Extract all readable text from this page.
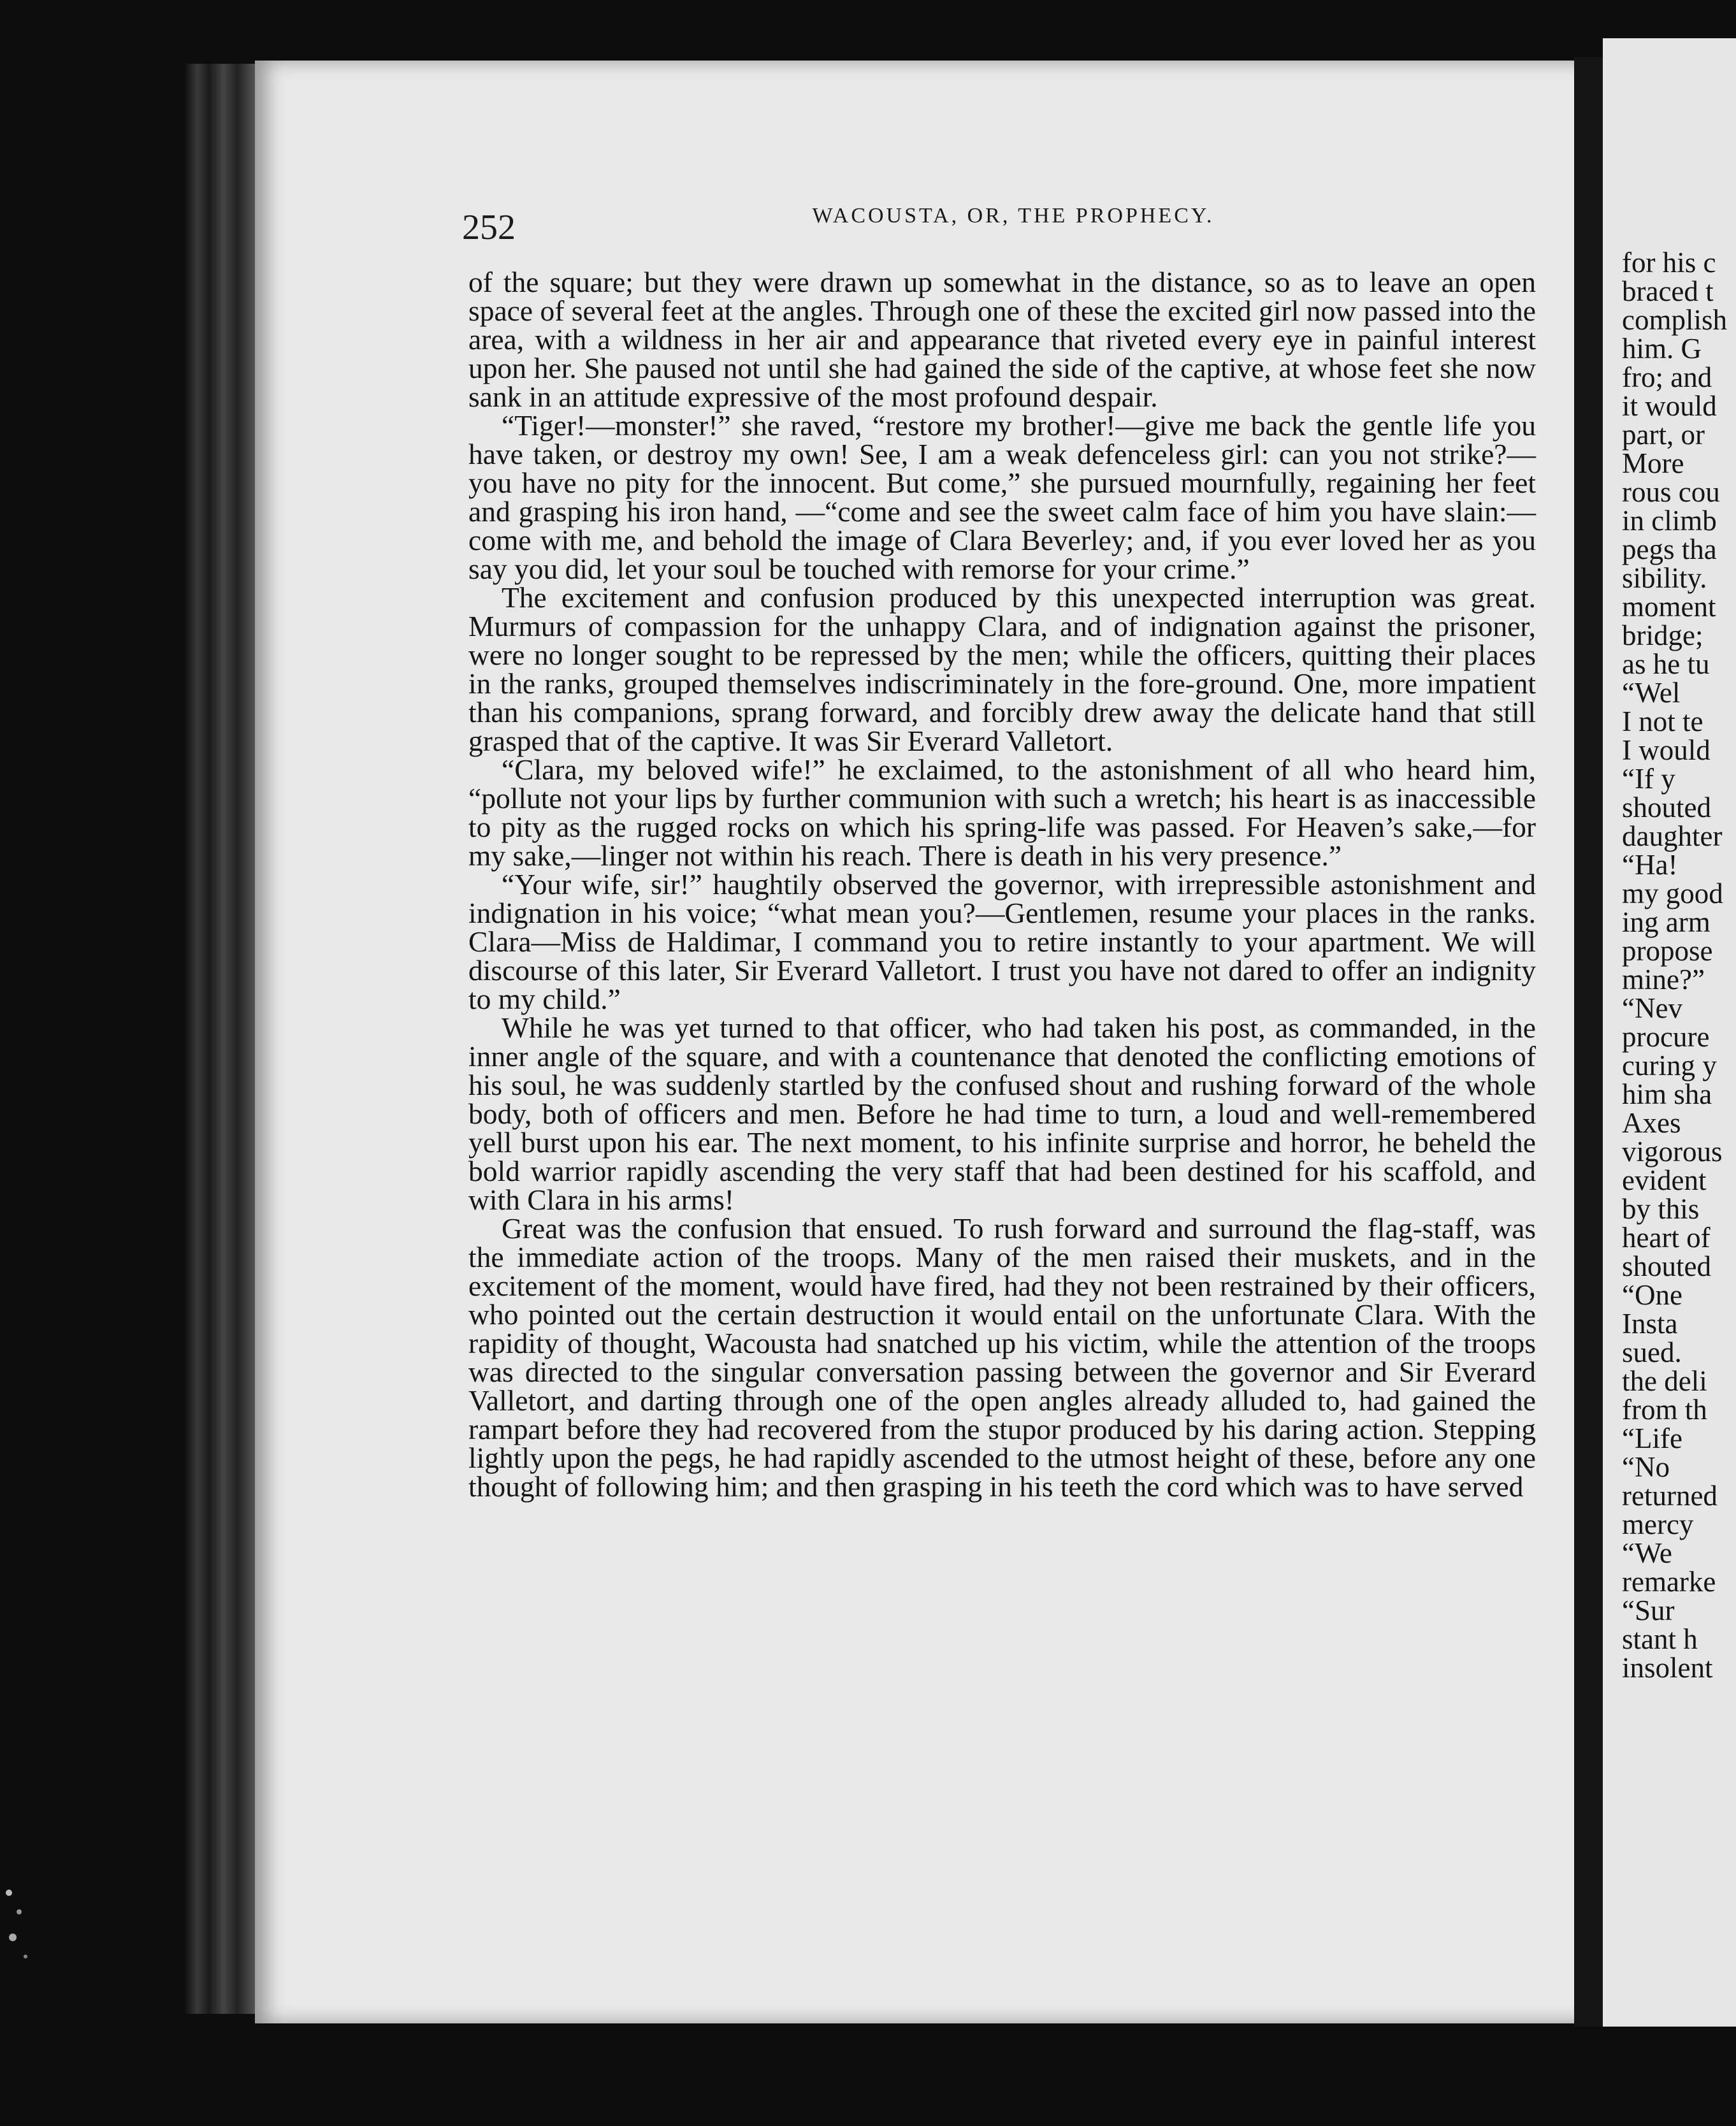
252	WACOUSTA, OR, THE PROPHECY.

of the square; but they were drawn up somewhat in the distance, so as to leave an open space of several feet at the angles. Through one of these the excited girl now passed into the area, with a wildness in her air and appearance that riveted every eye in painful interest upon her. She paused not until she had gained the side of the captive, at whose feet she now sank in an attitude expressive of the most profound despair.

“Tiger!—monster!” she raved, “restore my brother!—give me back the gentle life you have taken, or destroy my own! See, I am a weak defenceless girl: can you not strike?—you have no pity for the innocent. But come,” she pursued mournfully, regaining her feet and grasping his iron hand, —“come and see the sweet calm face of him you have slain:—come with me, and behold the image of Clara Beverley; and, if you ever loved her as you say you did, let your soul be touched with remorse for your crime.”

The excitement and confusion produced by this unexpected interruption was great. Murmurs of compassion for the unhappy Clara, and of indignation against the prisoner, were no longer sought to be repressed by the men; while the officers, quitting their places in the ranks, grouped themselves indiscriminately in the fore-ground. One, more impatient than his companions, sprang forward, and forcibly drew away the delicate hand that still grasped that of the captive. It was Sir Everard Valletort.

“Clara, my beloved wife!” he exclaimed, to the astonishment of all who heard him, “pollute not your lips by further communion with such a wretch; his heart is as inaccessible to pity as the rugged rocks on which his spring-life was passed. For Heaven’s sake,—for my sake,—linger not within his reach. There is death in his very presence.”

“Your wife, sir!” haughtily observed the governor, with irrepressible astonishment and indignation in his voice; “what mean you?—Gentlemen, resume your places in the ranks. Clara—Miss de Haldimar, I command you to retire instantly to your apartment. We will discourse of this later, Sir Everard Valletort. I trust you have not dared to offer an indignity to my child.”

While he was yet turned to that officer, who had taken his post, as commanded, in the inner angle of the square, and with a countenance that denoted the conflicting emotions of his soul, he was suddenly startled by the confused shout and rushing forward of the whole body, both of officers and men. Before he had time to turn, a loud and well-remembered yell burst upon his ear. The next moment, to his infinite surprise and horror, he beheld the bold warrior rapidly ascending the very staff that had been destined for his scaffold, and with Clara in his arms!

Great was the confusion that ensued. To rush forward and surround the flag-staff, was the immediate action of the troops. Many of the men raised their muskets, and in the excitement of the moment, would have fired, had they not been restrained by their officers, who pointed out the certain destruction it would entail on the unfortunate Clara. With the rapidity of thought, Wacousta had snatched up his victim, while the attention of the troops was directed to the singular conversation passing between the governor and Sir Everard Valletort, and darting through one of the open angles already alluded to, had gained the rampart before they had recovered from the stupor produced by his daring action. Stepping lightly upon the pegs, he had rapidly ascended to the utmost height of these, before any one thought of following him; and then grasping in his teeth the cord which was to have served

for his c
braced t
complish
him. G
fro; and
it would
part, or
More
rous cou
in climb
pegs tha
sibility.
moment
bridge;
as he tu
“Wel
I not te
I would
“If y
shouted
daughter
“Ha!
my good
ing arm
propose
mine?”
“Nev
procure
curing y
him sha
Axes
vigorous
evident
by this
heart of
shouted
“One
Insta
sued.
the deli
from th
“Life
“No
returned
mercy
“We
remarke
“Sur
stant h
insolent
